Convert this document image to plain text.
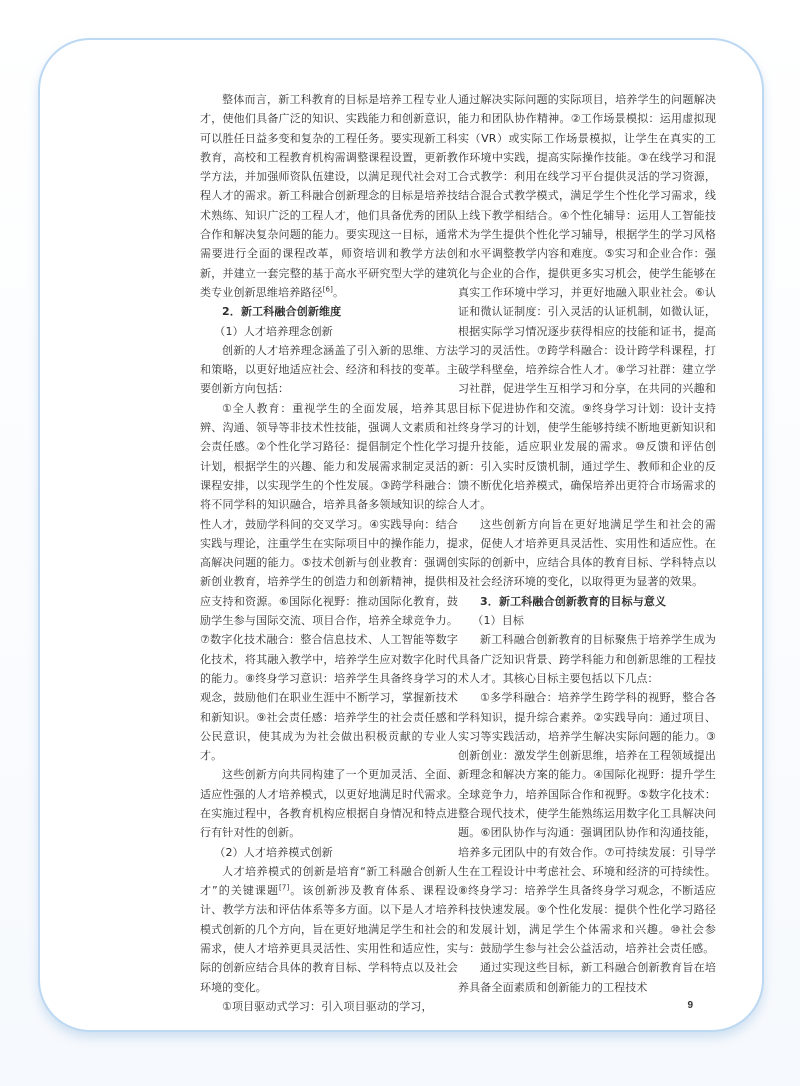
整体而言，新工科教育的目标是培养工程专业人才，使他们具备广泛的知识、实践能力和创新意识，可以胜任日益多变和复杂的工程任务。要实现新工科教育，高校和工程教育机构需调整课程设置，更新教学方法，并加强师资队伍建设，以满足现代社会对工程人才的需求。新工科融合创新理念的目标是培养技术熟练、知识广泛的工程人才，他们具备优秀的团队合作和解决复杂问题的能力。要实现这一目标，通常需要进行全面的课程改革，师资培训和教学方法创新，并建立一套完整的基于高水平研究型大学的建筑类专业创新思维培养路径[6]。

2．新工科融合创新维度
（1）人才培养理念创新

创新的人才培养理念涵盖了引入新的思维、方法和策略，以更好地适应社会、经济和科技的变革。主要创新方向包括：

①全人教育：重视学生的全面发展，培养其思辨、沟通、领导等非技术性技能，强调人文素质和社会责任感。②个性化学习路径：提倡制定个性化学习计划，根据学生的兴趣、能力和发展需求制定灵活的课程安排，以实现学生的个性发展。③跨学科融合：将不同学科的知识融合，培养具备多领域知识的综合性人才，鼓励学科间的交叉学习。④实践导向：结合实践与理论，注重学生在实际项目中的操作能力，提高解决问题的能力。⑤技术创新与创业教育：强调创新创业教育，培养学生的创造力和创新精神，提供相应支持和资源。⑥国际化视野：推动国际化教育，鼓励学生参与国际交流、项目合作，培养全球竞争力。⑦数字化技术融合：整合信息技术、人工智能等数字化技术，将其融入教学中，培养学生应对数字化时代的能力。⑧终身学习意识：培养学生具备终身学习的观念，鼓励他们在职业生涯中不断学习，掌握新技术和新知识。⑨社会责任感：培养学生的社会责任感和公民意识，使其成为为社会做出积极贡献的专业人才。

这些创新方向共同构建了一个更加灵活、全面、适应性强的人才培养模式，以更好地满足时代需求。在实施过程中，各教育机构应根据自身情况和特点进行有针对性的创新。

（2）人才培养模式创新

人才培养模式的创新是培育“新工科融合创新人才”的关键课题[7]。该创新涉及教育体系、课程设计、教学方法和评估体系等多方面。以下是人才培养模式创新的几个方向，旨在更好地满足学生和社会的需求，使人才培养更具灵活性、实用性和适应性，实际的创新应结合具体的教育目标、学科特点以及社会环境的变化。

①项目驱动式学习：引入项目驱动的学习，

通过解决实际问题的实际项目，培养学生的问题解决能力和团队协作精神。②工作场景模拟：运用虚拟现实（VR）或实际工作场景模拟，让学生在真实的工作环境中实践，提高实际操作技能。③在线学习和混合式教学：利用在线学习平台提供灵活的学习资源，结合混合式教学模式，满足学生个性化学习需求，线上线下教学相结合。④个性化辅导：运用人工智能技术为学生提供个性化学习辅导，根据学生的学习风格和水平调整教学内容和难度。⑤实习和企业合作：强化与企业的合作，提供更多实习机会，使学生能够在真实工作环境中学习，并更好地融入职业社会。⑥认证和微认证制度：引入灵活的认证机制，如微认证，根据实际学习情况逐步获得相应的技能和证书，提高学习的灵活性。⑦跨学科融合：设计跨学科课程，打破学科壁垒，培养综合性人才。⑧学习社群：建立学习社群，促进学生互相学习和分享，在共同的兴趣和目标下促进协作和交流。⑨终身学习计划：设计支持终身学习的计划，使学生能够持续不断地更新知识和提升技能，适应职业发展的需求。⑩反馈和评估创新：引入实时反馈机制，通过学生、教师和企业的反馈不断优化培养模式，确保培养出更符合市场需求的人才。

这些创新方向旨在更好地满足学生和社会的需求，促使人才培养更具灵活性、实用性和适应性。在实际的创新中，应结合具体的教育目标、学科特点以及社会经济环境的变化，以取得更为显著的效果。

3．新工科融合创新教育的目标与意义
（1）目标

新工科融合创新教育的目标聚焦于培养学生成为具备广泛知识背景、跨学科能力和创新思维的工程技术人才。其核心目标主要包括以下几点：

①多学科融合：培养学生跨学科的视野，整合各学科知识，提升综合素养。②实践导向：通过项目、实习等实践活动，培养学生解决实际问题的能力。③创新创业：激发学生创新思维，培养在工程领域提出新理念和解决方案的能力。④国际化视野：提升学生全球竞争力，培养国际合作和视野。⑤数字化技术：整合现代技术，使学生能熟练运用数字化工具解决问题。⑥团队协作与沟通：强调团队协作和沟通技能，培养多元团队中的有效合作。⑦可持续发展：引导学生在工程设计中考虑社会、环境和经济的可持续性。⑧终身学习：培养学生具备终身学习观念，不断适应科技快速发展。⑨个性化发展：提供个性化学习路径和发展计划，满足学生个体需求和兴趣。⑩社会参与：鼓励学生参与社会公益活动，培养社会责任感。

通过实现这些目标，新工科融合创新教育旨在培养具备全面素质和创新能力的工程技术

9
